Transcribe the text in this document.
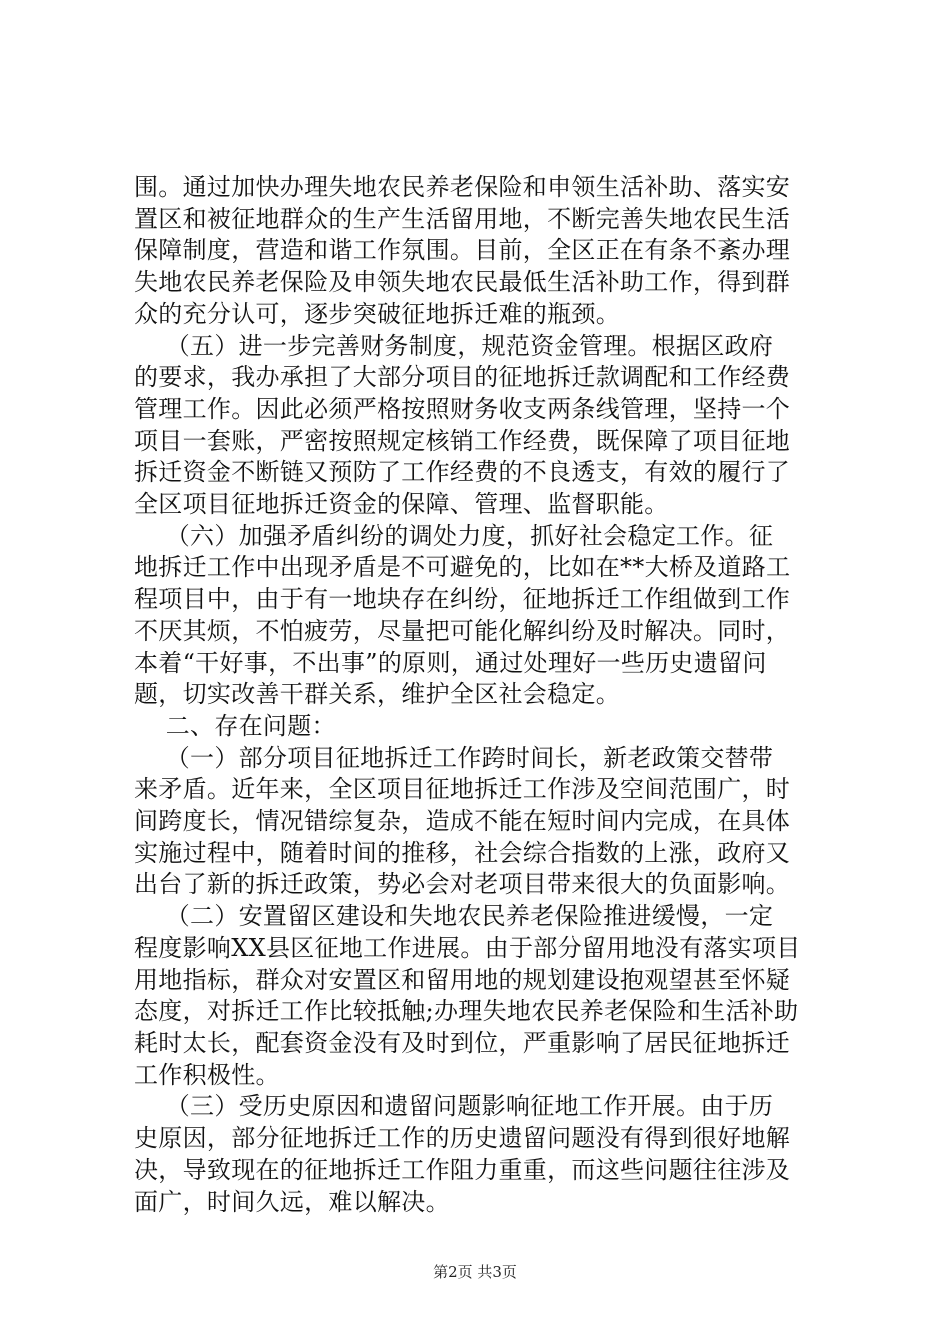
围。通过加快办理失地农民养老保险和申领生活补助、落实安
置区和被征地群众的生产生活留用地，不断完善失地农民生活
保障制度，营造和谐工作氛围。目前，全区正在有条不紊办理
失地农民养老保险及申领失地农民最低生活补助工作，得到群
众的充分认可，逐步突破征地拆迁难的瓶颈。
（五）进一步完善财务制度，规范资金管理。根据区政府
的要求，我办承担了大部分项目的征地拆迁款调配和工作经费
管理工作。因此必须严格按照财务收支两条线管理，坚持一个
项目一套账，严密按照规定核销工作经费，既保障了项目征地
拆迁资金不断链又预防了工作经费的不良透支，有效的履行了
全区项目征地拆迁资金的保障、管理、监督职能。
（六）加强矛盾纠纷的调处力度，抓好社会稳定工作。征
地拆迁工作中出现矛盾是不可避免的，比如在**大桥及道路工
程项目中，由于有一地块存在纠纷，征地拆迁工作组做到工作
不厌其烦，不怕疲劳，尽量把可能化解纠纷及时解决。同时，
本着“干好事，不出事”的原则，通过处理好一些历史遗留问
题，切实改善干群关系，维护全区社会稳定。
二、存在问题：
（一）部分项目征地拆迁工作跨时间长，新老政策交替带
来矛盾。近年来，全区项目征地拆迁工作涉及空间范围广，时
间跨度长，情况错综复杂，造成不能在短时间内完成，在具体
实施过程中，随着时间的推移，社会综合指数的上涨，政府又
出台了新的拆迁政策，势必会对老项目带来很大的负面影响。
（二）安置留区建设和失地农民养老保险推进缓慢，一定
程度影响XX县区征地工作进展。由于部分留用地没有落实项目
用地指标，群众对安置区和留用地的规划建设抱观望甚至怀疑
态度，对拆迁工作比较抵触;办理失地农民养老保险和生活补助
耗时太长，配套资金没有及时到位，严重影响了居民征地拆迁
工作积极性。
（三）受历史原因和遗留问题影响征地工作开展。由于历
史原因，部分征地拆迁工作的历史遗留问题没有得到很好地解
决，导致现在的征地拆迁工作阻力重重，而这些问题往往涉及
面广，时间久远，难以解决。
第2页 共3页
